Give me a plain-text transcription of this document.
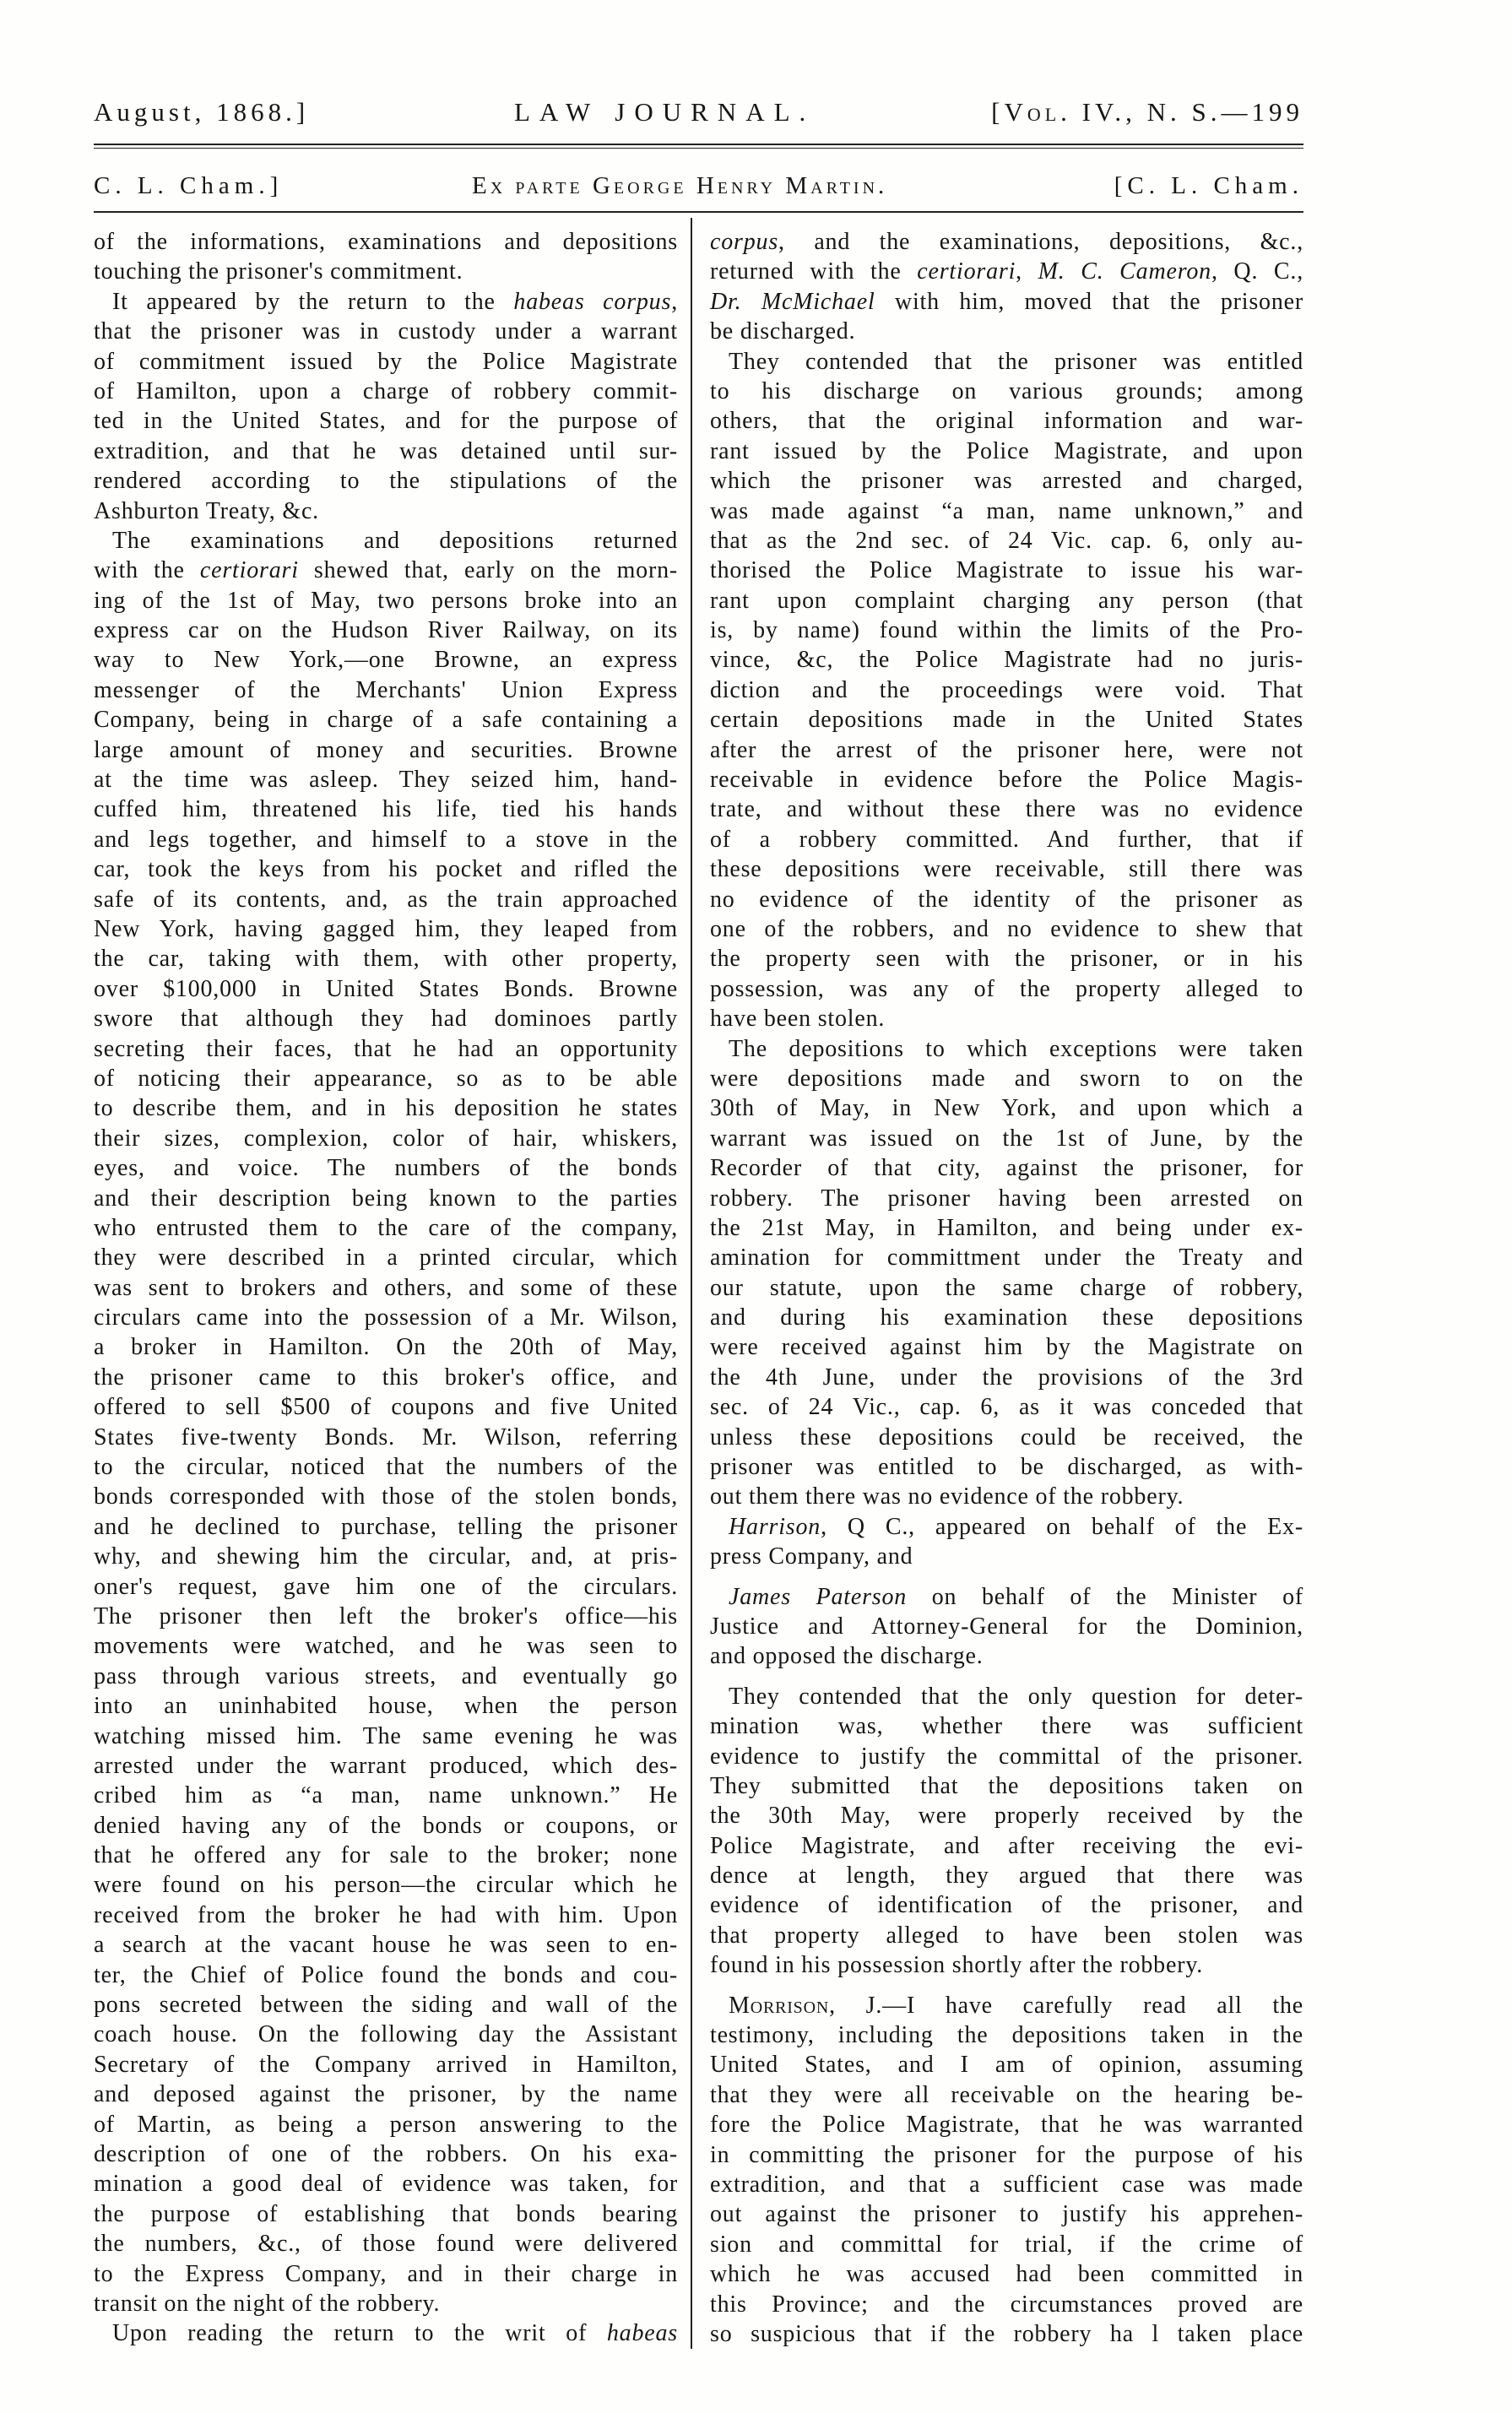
August, 1868.]	LAW JOURNAL.	[Vol. IV., N. S.—199
C. L. Cham.]	Ex parte George Henry Martin.	[C. L. Cham.
of the informations, examinations and depositions
touching the prisoner's commitment.
It appeared by the return to the habeas corpus,
that the prisoner was in custody under a warrant
of commitment issued by the Police Magistrate
of Hamilton, upon a charge of robbery commit-
ted in the United States, and for the purpose of
extradition, and that he was detained until sur-
rendered according to the stipulations of the
Ashburton Treaty, &c.
The examinations and depositions returned
with the certiorari shewed that, early on the morn-
ing of the 1st of May, two persons broke into an
express car on the Hudson River Railway, on its
way to New York,—one Browne, an express
messenger of the Merchants' Union Express
Company, being in charge of a safe containing a
large amount of money and securities. Browne
at the time was asleep. They seized him, hand-
cuffed him, threatened his life, tied his hands
and legs together, and himself to a stove in the
car, took the keys from his pocket and rifled the
safe of its contents, and, as the train approached
New York, having gagged him, they leaped from
the car, taking with them, with other property,
over $100,000 in United States Bonds. Browne
swore that although they had dominoes partly
secreting their faces, that he had an opportunity
of noticing their appearance, so as to be able
to describe them, and in his deposition he states
their sizes, complexion, color of hair, whiskers,
eyes, and voice. The numbers of the bonds
and their description being known to the parties
who entrusted them to the care of the company,
they were described in a printed circular, which
was sent to brokers and others, and some of these
circulars came into the possession of a Mr. Wilson,
a broker in Hamilton. On the 20th of May,
the prisoner came to this broker's office, and
offered to sell $500 of coupons and five United
States five-twenty Bonds. Mr. Wilson, referring
to the circular, noticed that the numbers of the
bonds corresponded with those of the stolen bonds,
and he declined to purchase, telling the prisoner
why, and shewing him the circular, and, at pris-
oner's request, gave him one of the circulars.
The prisoner then left the broker's office—his
movements were watched, and he was seen to
pass through various streets, and eventually go
into an uninhabited house, when the person
watching missed him. The same evening he was
arrested under the warrant produced, which des-
cribed him as “a man, name unknown.” He
denied having any of the bonds or coupons, or
that he offered any for sale to the broker; none
were found on his person—the circular which he
received from the broker he had with him. Upon
a search at the vacant house he was seen to en-
ter, the Chief of Police found the bonds and cou-
pons secreted between the siding and wall of the
coach house. On the following day the Assistant
Secretary of the Company arrived in Hamilton,
and deposed against the prisoner, by the name
of Martin, as being a person answering to the
description of one of the robbers. On his exa-
mination a good deal of evidence was taken, for
the purpose of establishing that bonds bearing
the numbers, &c., of those found were delivered
to the Express Company, and in their charge in
transit on the night of the robbery.
Upon reading the return to the writ of habeas
corpus, and the examinations, depositions, &c.,
returned with the certiorari, M. C. Cameron, Q. C.,
Dr. McMichael with him, moved that the prisoner
be discharged.
They contended that the prisoner was entitled
to his discharge on various grounds; among
others, that the original information and war-
rant issued by the Police Magistrate, and upon
which the prisoner was arrested and charged,
was made against “a man, name unknown,” and
that as the 2nd sec. of 24 Vic. cap. 6, only au-
thorised the Police Magistrate to issue his war-
rant upon complaint charging any person (that
is, by name) found within the limits of the Pro-
vince, &c, the Police Magistrate had no juris-
diction and the proceedings were void. That
certain depositions made in the United States
after the arrest of the prisoner here, were not
receivable in evidence before the Police Magis-
trate, and without these there was no evidence
of a robbery committed. And further, that if
these depositions were receivable, still there was
no evidence of the identity of the prisoner as
one of the robbers, and no evidence to shew that
the property seen with the prisoner, or in his
possession, was any of the property alleged to
have been stolen.
The depositions to which exceptions were taken
were depositions made and sworn to on the
30th of May, in New York, and upon which a
warrant was issued on the 1st of June, by the
Recorder of that city, against the prisoner, for
robbery. The prisoner having been arrested on
the 21st May, in Hamilton, and being under ex-
amination for committment under the Treaty and
our statute, upon the same charge of robbery,
and during his examination these depositions
were received against him by the Magistrate on
the 4th June, under the provisions of the 3rd
sec. of 24 Vic., cap. 6, as it was conceded that
unless these depositions could be received, the
prisoner was entitled to be discharged, as with-
out them there was no evidence of the robbery.
Harrison, Q C., appeared on behalf of the Ex-
press Company, and
James Paterson on behalf of the Minister of
Justice and Attorney-General for the Dominion,
and opposed the discharge.
They contended that the only question for deter-
mination was, whether there was sufficient
evidence to justify the committal of the prisoner.
They submitted that the depositions taken on
the 30th May, were properly received by the
Police Magistrate, and after receiving the evi-
dence at length, they argued that there was
evidence of identification of the prisoner, and
that property alleged to have been stolen was
found in his possession shortly after the robbery.
Morrison, J.—I have carefully read all the
testimony, including the depositions taken in the
United States, and I am of opinion, assuming
that they were all receivable on the hearing be-
fore the Police Magistrate, that he was warranted
in committing the prisoner for the purpose of his
extradition, and that a sufficient case was made
out against the prisoner to justify his apprehen-
sion and committal for trial, if the crime of
which he was accused had been committed in
this Province; and the circumstances proved are
so suspicious that if the robbery ha l taken place
